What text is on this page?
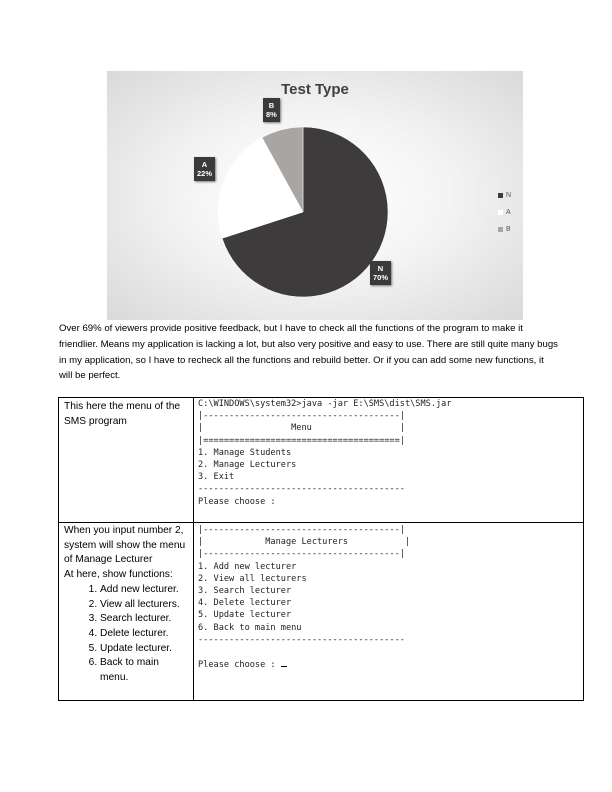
Test Type
B
8%
A
22%
N
70%
N
A
B
Over 69% of viewers provide positive feedback, but I have to check all the functions of the program to make it friendlier. Means my application is lacking a lot, but also very positive and easy to use. There are still quite many bugs in my application, so I have to recheck all the functions and rebuild better. Or if you can add some new functions, it will be perfect.
This here the menu of the SMS program
C:\WINDOWS\system32>java -jar E:\SMS\dist\SMS.jar
|--------------------------------------|
|                 Menu                 |
|======================================|
1. Manage Students
2. Manage Lecturers
3. Exit
----------------------------------------
Please choose :
When you input number 2, system will show the menu of Manage Lecturer
At here, show functions:
1. Add new lecturer.
2. View all lecturers.
3. Search lecturer.
4. Delete lecturer.
5. Update lecturer.
6. Back to main menu.
|--------------------------------------|
|            Manage Lecturers           |
|--------------------------------------|
1. Add new lecturer
2. View all lecturers
3. Search lecturer
4. Delete lecturer
5. Update lecturer
6. Back to main menu
----------------------------------------

Please choose :
